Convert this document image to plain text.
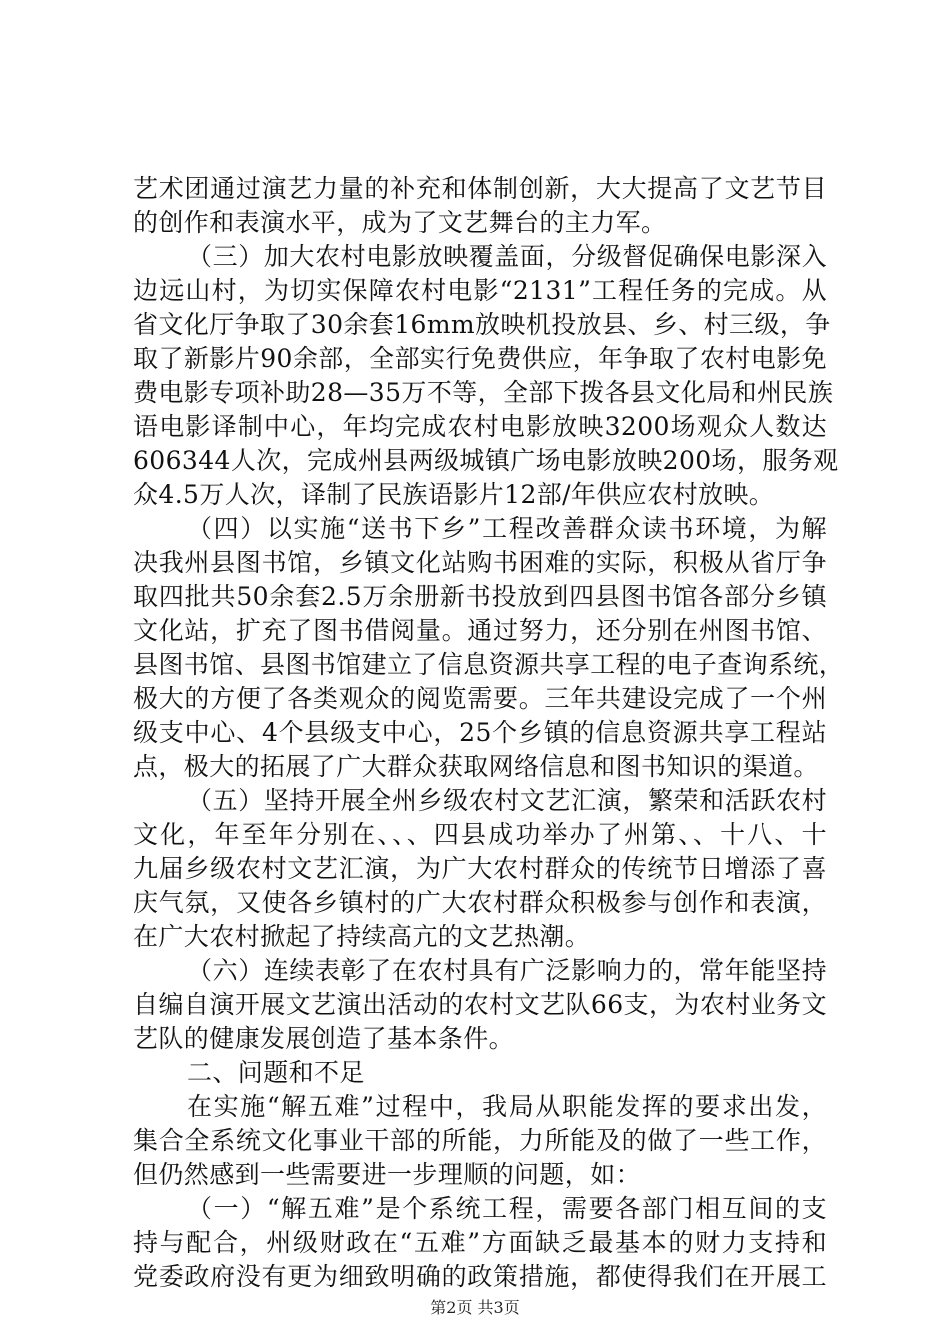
艺术团通过演艺力量的补充和体制创新，大大提高了文艺节目
的创作和表演水平，成为了文艺舞台的主力军。
（三）加大农村电影放映覆盖面，分级督促确保电影深入
边远山村，为切实保障农村电影“2131”工程任务的完成。从
省文化厅争取了30余套16mm放映机投放县、乡、村三级，争
取了新影片90余部，全部实行免费供应，年争取了农村电影免
费电影专项补助28—35万不等，全部下拨各县文化局和州民族
语电影译制中心，年均完成农村电影放映3200场观众人数达
606344人次，完成州县两级城镇广场电影放映200场，服务观
众4.5万人次，译制了民族语影片12部/年供应农村放映。
（四）以实施“送书下乡”工程改善群众读书环境，为解
决我州县图书馆，乡镇文化站购书困难的实际，积极从省厅争
取四批共50余套2.5万余册新书投放到四县图书馆各部分乡镇
文化站，扩充了图书借阅量。通过努力，还分别在州图书馆、
县图书馆、县图书馆建立了信息资源共享工程的电子查询系统，
极大的方便了各类观众的阅览需要。三年共建设完成了一个州
级支中心、4个县级支中心，25个乡镇的信息资源共享工程站
点，极大的拓展了广大群众获取网络信息和图书知识的渠道。
（五）坚持开展全州乡级农村文艺汇演，繁荣和活跃农村
文化，年至年分别在、、、四县成功举办了州第、、十八、十
九届乡级农村文艺汇演，为广大农村群众的传统节日增添了喜
庆气氛，又使各乡镇村的广大农村群众积极参与创作和表演，
在广大农村掀起了持续高亢的文艺热潮。
（六）连续表彰了在农村具有广泛影响力的，常年能坚持
自编自演开展文艺演出活动的农村文艺队66支，为农村业务文
艺队的健康发展创造了基本条件。
二、问题和不足
在实施“解五难”过程中，我局从职能发挥的要求出发，
集合全系统文化事业干部的所能，力所能及的做了一些工作，
但仍然感到一些需要进一步理顺的问题，如：
（一）“解五难”是个系统工程，需要各部门相互间的支
持与配合，州级财政在“五难”方面缺乏最基本的财力支持和
党委政府没有更为细致明确的政策措施，都使得我们在开展工
第2页 共3页
